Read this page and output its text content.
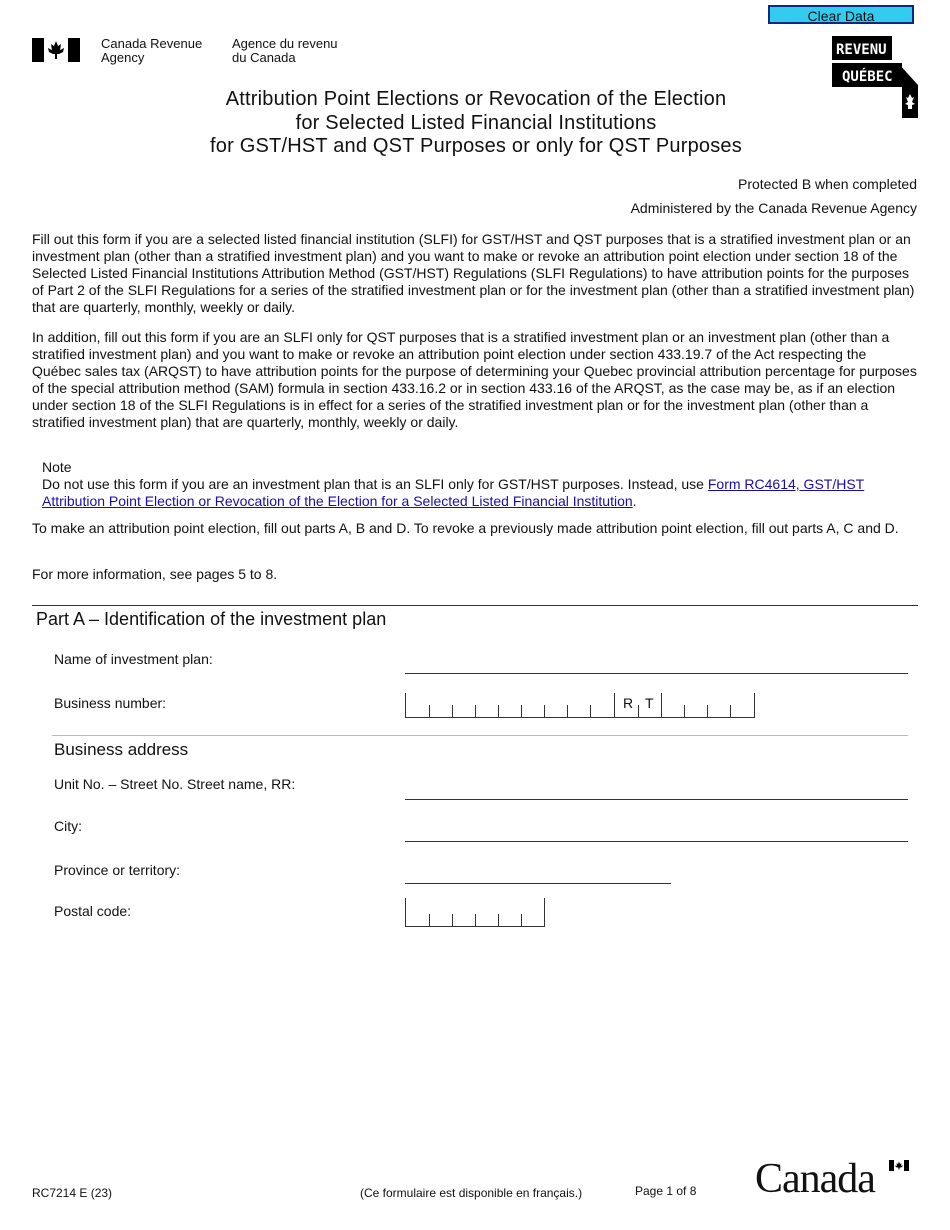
Clear Data
Canada Revenue
Agency
Agence du revenu
du Canada	REVENU
QUÉBEC
Attribution Point Elections or Revocation of the Election
for Selected Listed Financial Institutions
for GST/HST and QST Purposes or only for QST Purposes
Protected B when completed
Administered by the Canada Revenue Agency
Fill out this form if you are a selected listed financial institution (SLFI) for GST/HST and QST purposes that is a stratified investment plan or an investment plan (other than a stratified investment plan) and you want to make or revoke an attribution point election under section 18 of the Selected Listed Financial Institutions Attribution Method (GST/HST) Regulations (SLFI Regulations) to have attribution points for the purposes of Part 2 of the SLFI Regulations for a series of the stratified investment plan or for the investment plan (other than a stratified investment plan) that are quarterly, monthly, weekly or daily.
In addition, fill out this form if you are an SLFI only for QST purposes that is a stratified investment plan or an investment plan (other than a stratified investment plan) and you want to make or revoke an attribution point election under section 433.19.7 of the Act respecting the Québec sales tax (ARQST) to have attribution points for the purpose of determining your Quebec provincial attribution percentage for purposes of the special attribution method (SAM) formula in section 433.16.2 or in section 433.16 of the ARQST, as the case may be, as if an election under section 18 of the SLFI Regulations is in effect for a series of the stratified investment plan or for the investment plan (other than a stratified investment plan) that are quarterly, monthly, weekly or daily.
Note
Do not use this form if you are an investment plan that is an SLFI only for GST/HST purposes. Instead, use Form RC4614, GST/HST Attribution Point Election or Revocation of the Election for a Selected Listed Financial Institution.
To make an attribution point election, fill out parts A, B and D. To revoke a previously made attribution point election, fill out parts A, C and D.
For more information, see pages 5 to 8.
Part A – Identification of the investment plan
Name of investment plan:
Business number:	R T
Business address
Unit No. – Street No. Street name, RR:
City:
Province or territory:
Postal code:
RC7214 E (23)	(Ce formulaire est disponible en français.)	Page 1 of 8 Canada
